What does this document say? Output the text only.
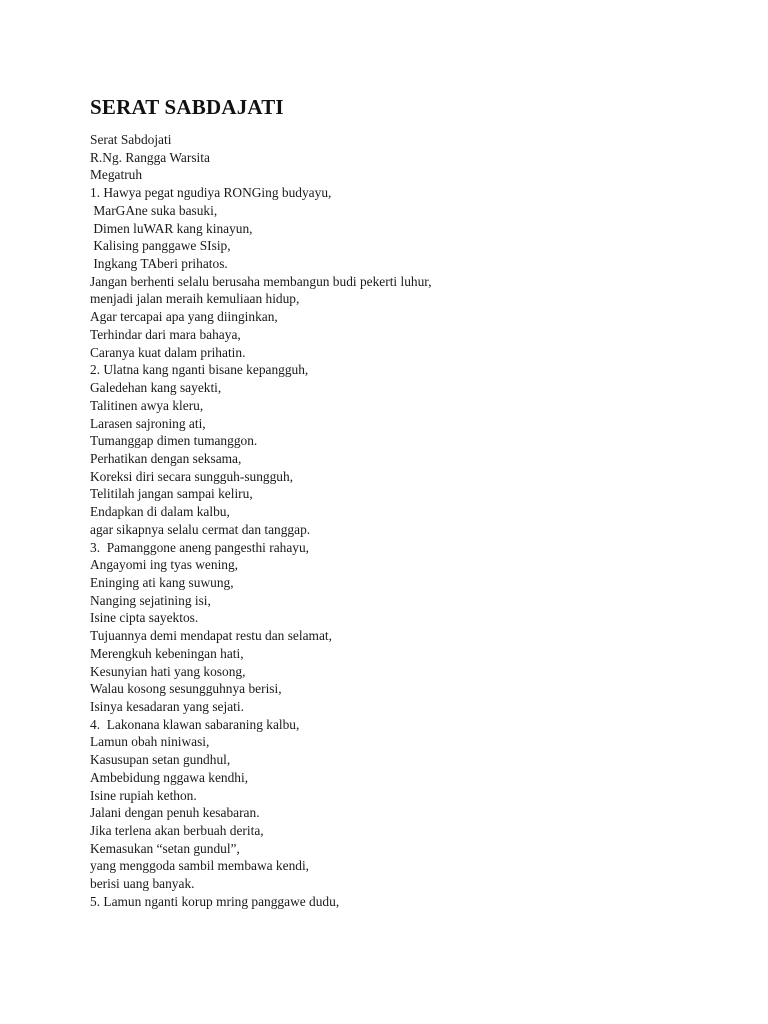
SERAT SABDAJATI
Serat Sabdojati
R.Ng. Rangga Warsita
Megatruh
1. Hawya pegat ngudiya RONGing budyayu,
MarGAne suka basuki,
Dimen luWAR kang kinayun,
Kalising panggawe SIsip,
Ingkang TAberi prihatos.
Jangan berhenti selalu berusaha membangun budi pekerti luhur,
menjadi jalan meraih kemuliaan hidup,
Agar tercapai apa yang diinginkan,
Terhindar dari mara bahaya,
Caranya kuat dalam prihatin.
2. Ulatna kang nganti bisane kepangguh,
Galedehan kang sayekti,
Talitinen awya kleru,
Larasen sajroning ati,
Tumanggap dimen tumanggon.
Perhatikan dengan seksama,
Koreksi diri secara sungguh-sungguh,
Telitilah jangan sampai keliru,
Endapkan di dalam kalbu,
agar sikapnya selalu cermat dan tanggap.
3.  Pamanggone aneng pangesthi rahayu,
Angayomi ing tyas wening,
Eninging ati kang suwung,
Nanging sejatining isi,
Isine cipta sayektos.
Tujuannya demi mendapat restu dan selamat,
Merengkuh kebeningan hati,
Kesunyian hati yang kosong,
Walau kosong sesungguhnya berisi,
Isinya kesadaran yang sejati.
4.  Lakonana klawan sabaraning kalbu,
Lamun obah niniwasi,
Kasusupan setan gundhul,
Ambebidung nggawa kendhi,
Isine rupiah kethon.
Jalani dengan penuh kesabaran.
Jika terlena akan berbuah derita,
Kemasukan “setan gundul”,
yang menggoda sambil membawa kendi,
berisi uang banyak.
5. Lamun nganti korup mring panggawe dudu,
